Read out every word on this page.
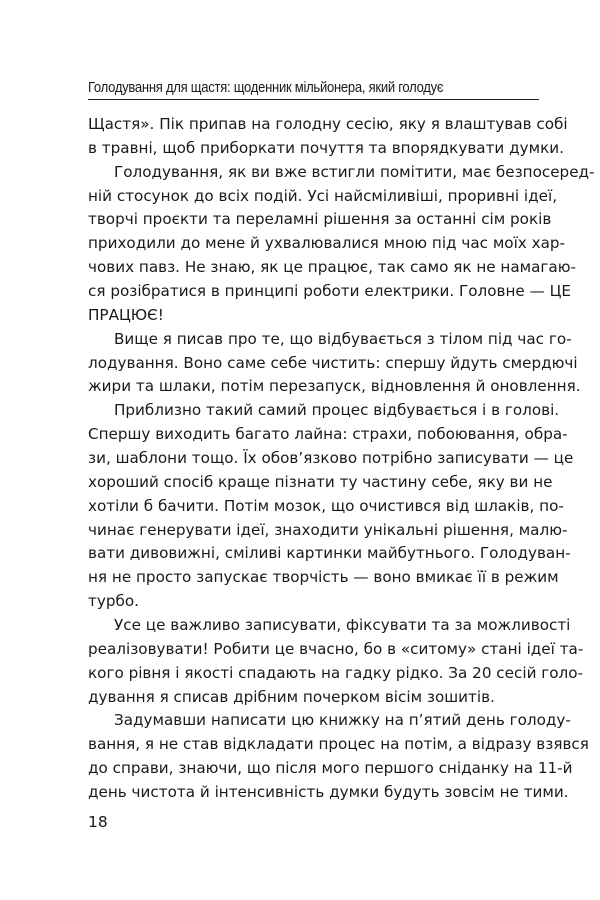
Голодування для щастя: щоденник мільйонера, який голодує
Щастя». Пік припав на голодну сесію, яку я влаштував собі
в травні, щоб приборкати почуття та впорядкувати думки.
Голодування, як ви вже встигли помітити, має безпосеред-
ній стосунок до всіх подій. Усі найсміливіші, проривні ідеї,
творчі проєкти та переламні рішення за останні сім років
приходили до мене й ухвалювалися мною під час моїх хар-
чових павз. Не знаю, як це працює, так само як не намагаю-
ся розібратися в принципі роботи електрики. Головне — ЦЕ
ПРАЦЮЄ!
Вище я писав про те, що відбувається з тілом під час го-
лодування. Воно саме себе чистить: спершу йдуть смердючі
жири та шлаки, потім перезапуск, відновлення й оновлення.
Приблизно такий самий процес відбувається і в голові.
Спершу виходить багато лайна: страхи, побоювання, обра-
зи, шаблони тощо. Їх обов’язково потрібно записувати — це
хороший спосіб краще пізнати ту частину себе, яку ви не
хотіли б бачити. Потім мозок, що очистився від шлаків, по-
чинає генерувати ідеї, знаходити унікальні рішення, малю-
вати дивовижні, сміливі картинки майбутнього. Голодуван-
ня не просто запускає творчість — воно вмикає її в режим
турбо.
Усе це важливо записувати, фіксувати та за можливості
реалізовувати! Робити це вчасно, бо в «ситому» стані ідеї та-
кого рівня і якості спадають на гадку рідко. За 20 сесій голо-
дування я списав дрібним почерком вісім зошитів.
Задумавши написати цю книжку на п’ятий день голоду-
вання, я не став відкладати процес на потім, а відразу взявся
до справи, знаючи, що після мого першого сніданку на 11-й
день чистота й інтенсивність думки будуть зовсім не тими.
18
